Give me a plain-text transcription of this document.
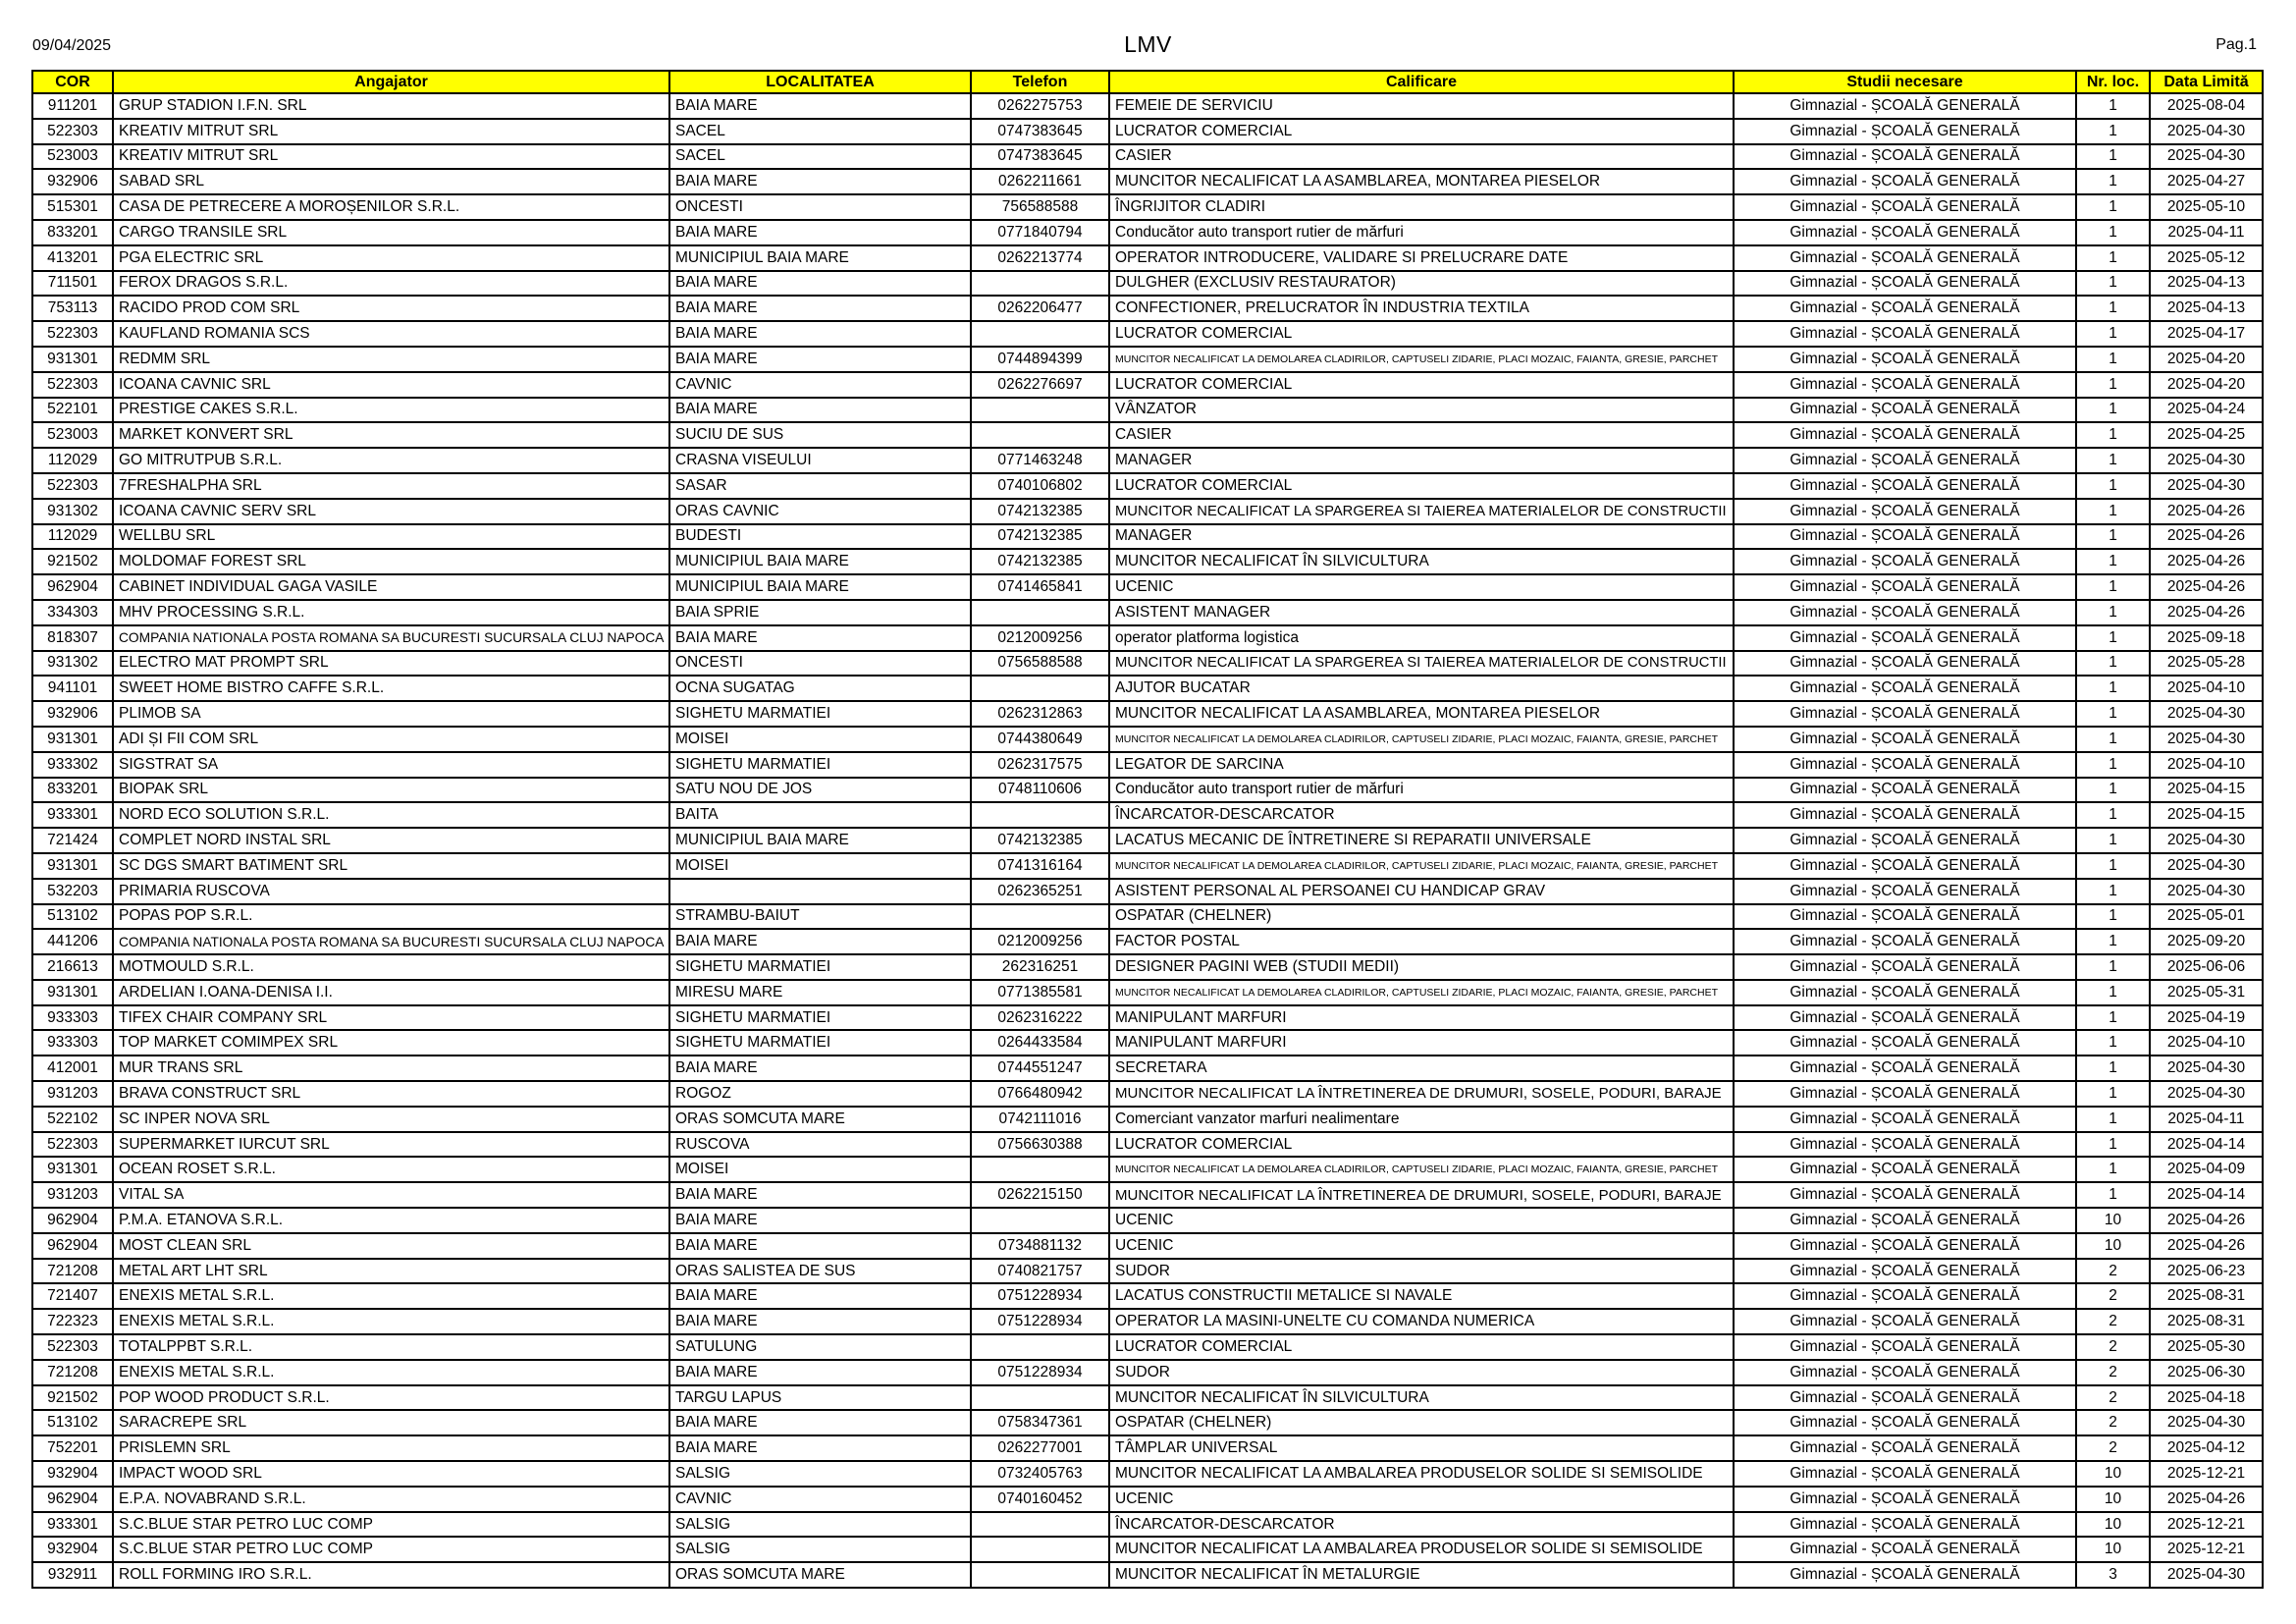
09/04/2025	LMV	Pag.1
COR	Angajator	LOCALITATEA	Telefon	Calificare	Studii necesare	Nr. loc.	Data Limită
911201	GRUP STADION I.F.N. SRL	BAIA MARE	0262275753	FEMEIE DE SERVICIU	Gimnazial - ȘCOALĂ GENERALĂ	1	2025-08-04
522303	KREATIV MITRUT SRL	SACEL	0747383645	LUCRATOR COMERCIAL	Gimnazial - ȘCOALĂ GENERALĂ	1	2025-04-30
523003	KREATIV MITRUT SRL	SACEL	0747383645	CASIER	Gimnazial - ȘCOALĂ GENERALĂ	1	2025-04-30
932906	SABAD SRL	BAIA MARE	0262211661	MUNCITOR NECALIFICAT LA ASAMBLAREA, MONTAREA PIESELOR	Gimnazial - ȘCOALĂ GENERALĂ	1	2025-04-27
515301	CASA DE PETRECERE A MOROȘENILOR S.R.L.	ONCESTI	756588588	ÎNGRIJITOR CLADIRI	Gimnazial - ȘCOALĂ GENERALĂ	1	2025-05-10
833201	CARGO TRANSILE SRL	BAIA MARE	0771840794	Conducător auto transport rutier de mărfuri	Gimnazial - ȘCOALĂ GENERALĂ	1	2025-04-11
413201	PGA ELECTRIC SRL	MUNICIPIUL BAIA MARE	0262213774	OPERATOR INTRODUCERE, VALIDARE SI PRELUCRARE DATE	Gimnazial - ȘCOALĂ GENERALĂ	1	2025-05-12
711501	FEROX DRAGOS S.R.L.	BAIA MARE		DULGHER (EXCLUSIV RESTAURATOR)	Gimnazial - ȘCOALĂ GENERALĂ	1	2025-04-13
753113	RACIDO PROD COM SRL	BAIA MARE	0262206477	CONFECTIONER, PRELUCRATOR ÎN INDUSTRIA TEXTILA	Gimnazial - ȘCOALĂ GENERALĂ	1	2025-04-13
522303	KAUFLAND ROMANIA SCS	BAIA MARE		LUCRATOR COMERCIAL	Gimnazial - ȘCOALĂ GENERALĂ	1	2025-04-17
931301	REDMM SRL	BAIA MARE	0744894399	MUNCITOR NECALIFICAT LA DEMOLAREA CLADIRILOR, CAPTUSELI ZIDARIE, PLACI MOZAIC, FAIANTA, GRESIE, PARCHET	Gimnazial - ȘCOALĂ GENERALĂ	1	2025-04-20
522303	ICOANA CAVNIC SRL	CAVNIC	0262276697	LUCRATOR COMERCIAL	Gimnazial - ȘCOALĂ GENERALĂ	1	2025-04-20
522101	PRESTIGE CAKES S.R.L.	BAIA MARE		VÂNZATOR	Gimnazial - ȘCOALĂ GENERALĂ	1	2025-04-24
523003	MARKET KONVERT SRL	SUCIU DE SUS		CASIER	Gimnazial - ȘCOALĂ GENERALĂ	1	2025-04-25
112029	GO MITRUTPUB S.R.L.	CRASNA VISEULUI	0771463248	MANAGER	Gimnazial - ȘCOALĂ GENERALĂ	1	2025-04-30
522303	7FRESHALPHA SRL	SASAR	0740106802	LUCRATOR COMERCIAL	Gimnazial - ȘCOALĂ GENERALĂ	1	2025-04-30
931302	ICOANA CAVNIC SERV SRL	ORAS CAVNIC	0742132385	MUNCITOR NECALIFICAT LA SPARGEREA SI TAIEREA MATERIALELOR DE CONSTRUCTII	Gimnazial - ȘCOALĂ GENERALĂ	1	2025-04-26
112029	WELLBU SRL	BUDESTI	0742132385	MANAGER	Gimnazial - ȘCOALĂ GENERALĂ	1	2025-04-26
921502	MOLDOMAF FOREST SRL	MUNICIPIUL BAIA MARE	0742132385	MUNCITOR NECALIFICAT ÎN SILVICULTURA	Gimnazial - ȘCOALĂ GENERALĂ	1	2025-04-26
962904	CABINET INDIVIDUAL GAGA VASILE	MUNICIPIUL BAIA MARE	0741465841	UCENIC	Gimnazial - ȘCOALĂ GENERALĂ	1	2025-04-26
334303	MHV PROCESSING S.R.L.	BAIA SPRIE		ASISTENT MANAGER	Gimnazial - ȘCOALĂ GENERALĂ	1	2025-04-26
818307	COMPANIA NATIONALA POSTA ROMANA SA BUCURESTI SUCURSALA CLUJ NAPOCA	BAIA MARE	0212009256	operator platforma logistica	Gimnazial - ȘCOALĂ GENERALĂ	1	2025-09-18
931302	ELECTRO MAT PROMPT SRL	ONCESTI	0756588588	MUNCITOR NECALIFICAT LA SPARGEREA SI TAIEREA MATERIALELOR DE CONSTRUCTII	Gimnazial - ȘCOALĂ GENERALĂ	1	2025-05-28
941101	SWEET HOME BISTRO CAFFE S.R.L.	OCNA SUGATAG		AJUTOR BUCATAR	Gimnazial - ȘCOALĂ GENERALĂ	1	2025-04-10
932906	PLIMOB SA	SIGHETU MARMATIEI	0262312863	MUNCITOR NECALIFICAT LA ASAMBLAREA, MONTAREA PIESELOR	Gimnazial - ȘCOALĂ GENERALĂ	1	2025-04-30
931301	ADI ȘI FII COM SRL	MOISEI	0744380649	MUNCITOR NECALIFICAT LA DEMOLAREA CLADIRILOR, CAPTUSELI ZIDARIE, PLACI MOZAIC, FAIANTA, GRESIE, PARCHET	Gimnazial - ȘCOALĂ GENERALĂ	1	2025-04-30
933302	SIGSTRAT SA	SIGHETU MARMATIEI	0262317575	LEGATOR DE SARCINA	Gimnazial - ȘCOALĂ GENERALĂ	1	2025-04-10
833201	BIOPAK SRL	SATU NOU DE JOS	0748110606	Conducător auto transport rutier de mărfuri	Gimnazial - ȘCOALĂ GENERALĂ	1	2025-04-15
933301	NORD ECO SOLUTION S.R.L.	BAITA		ÎNCARCATOR-DESCARCATOR	Gimnazial - ȘCOALĂ GENERALĂ	1	2025-04-15
721424	COMPLET NORD INSTAL SRL	MUNICIPIUL BAIA MARE	0742132385	LACATUS MECANIC DE ÎNTRETINERE SI REPARATII UNIVERSALE	Gimnazial - ȘCOALĂ GENERALĂ	1	2025-04-30
931301	SC DGS SMART BATIMENT SRL	MOISEI	0741316164	MUNCITOR NECALIFICAT LA DEMOLAREA CLADIRILOR, CAPTUSELI ZIDARIE, PLACI MOZAIC, FAIANTA, GRESIE, PARCHET	Gimnazial - ȘCOALĂ GENERALĂ	1	2025-04-30
532203	PRIMARIA RUSCOVA		0262365251	ASISTENT PERSONAL AL PERSOANEI CU HANDICAP GRAV	Gimnazial - ȘCOALĂ GENERALĂ	1	2025-04-30
513102	POPAS POP S.R.L.	STRAMBU-BAIUT		OSPATAR (CHELNER)	Gimnazial - ȘCOALĂ GENERALĂ	1	2025-05-01
441206	COMPANIA NATIONALA POSTA ROMANA SA BUCURESTI SUCURSALA CLUJ NAPOCA	BAIA MARE	0212009256	FACTOR POSTAL	Gimnazial - ȘCOALĂ GENERALĂ	1	2025-09-20
216613	MOTMOULD S.R.L.	SIGHETU MARMATIEI	262316251	DESIGNER PAGINI WEB (STUDII MEDII)	Gimnazial - ȘCOALĂ GENERALĂ	1	2025-06-06
931301	ARDELIAN I.OANA-DENISA I.I.	MIRESU MARE	0771385581	MUNCITOR NECALIFICAT LA DEMOLAREA CLADIRILOR, CAPTUSELI ZIDARIE, PLACI MOZAIC, FAIANTA, GRESIE, PARCHET	Gimnazial - ȘCOALĂ GENERALĂ	1	2025-05-31
933303	TIFEX CHAIR COMPANY SRL	SIGHETU MARMATIEI	0262316222	MANIPULANT MARFURI	Gimnazial - ȘCOALĂ GENERALĂ	1	2025-04-19
933303	TOP MARKET COMIMPEX SRL	SIGHETU MARMATIEI	0264433584	MANIPULANT MARFURI	Gimnazial - ȘCOALĂ GENERALĂ	1	2025-04-10
412001	MUR TRANS SRL	BAIA MARE	0744551247	SECRETARA	Gimnazial - ȘCOALĂ GENERALĂ	1	2025-04-30
931203	BRAVA CONSTRUCT SRL	ROGOZ	0766480942	MUNCITOR NECALIFICAT LA ÎNTRETINEREA DE DRUMURI, SOSELE, PODURI, BARAJE	Gimnazial - ȘCOALĂ GENERALĂ	1	2025-04-30
522102	SC INPER NOVA SRL	ORAS SOMCUTA MARE	0742111016	Comerciant vanzator marfuri nealimentare	Gimnazial - ȘCOALĂ GENERALĂ	1	2025-04-11
522303	SUPERMARKET IURCUT SRL	RUSCOVA	0756630388	LUCRATOR COMERCIAL	Gimnazial - ȘCOALĂ GENERALĂ	1	2025-04-14
931301	OCEAN ROSET S.R.L.	MOISEI		MUNCITOR NECALIFICAT LA DEMOLAREA CLADIRILOR, CAPTUSELI ZIDARIE, PLACI MOZAIC, FAIANTA, GRESIE, PARCHET	Gimnazial - ȘCOALĂ GENERALĂ	1	2025-04-09
931203	VITAL SA	BAIA MARE	0262215150	MUNCITOR NECALIFICAT LA ÎNTRETINEREA DE DRUMURI, SOSELE, PODURI, BARAJE	Gimnazial - ȘCOALĂ GENERALĂ	1	2025-04-14
962904	P.M.A. ETANOVA S.R.L.	BAIA MARE		UCENIC	Gimnazial - ȘCOALĂ GENERALĂ	10	2025-04-26
962904	MOST CLEAN SRL	BAIA MARE	0734881132	UCENIC	Gimnazial - ȘCOALĂ GENERALĂ	10	2025-04-26
721208	METAL ART LHT SRL	ORAS SALISTEA DE SUS	0740821757	SUDOR	Gimnazial - ȘCOALĂ GENERALĂ	2	2025-06-23
721407	ENEXIS METAL S.R.L.	BAIA MARE	0751228934	LACATUS CONSTRUCTII METALICE SI NAVALE	Gimnazial - ȘCOALĂ GENERALĂ	2	2025-08-31
722323	ENEXIS METAL S.R.L.	BAIA MARE	0751228934	OPERATOR LA MASINI-UNELTE CU COMANDA NUMERICA	Gimnazial - ȘCOALĂ GENERALĂ	2	2025-08-31
522303	TOTALPPBT S.R.L.	SATULUNG		LUCRATOR COMERCIAL	Gimnazial - ȘCOALĂ GENERALĂ	2	2025-05-30
721208	ENEXIS METAL S.R.L.	BAIA MARE	0751228934	SUDOR	Gimnazial - ȘCOALĂ GENERALĂ	2	2025-06-30
921502	POP WOOD PRODUCT S.R.L.	TARGU LAPUS		MUNCITOR NECALIFICAT ÎN SILVICULTURA	Gimnazial - ȘCOALĂ GENERALĂ	2	2025-04-18
513102	SARACREPE SRL	BAIA MARE	0758347361	OSPATAR (CHELNER)	Gimnazial - ȘCOALĂ GENERALĂ	2	2025-04-30
752201	PRISLEMN SRL	BAIA MARE	0262277001	TÂMPLAR UNIVERSAL	Gimnazial - ȘCOALĂ GENERALĂ	2	2025-04-12
932904	IMPACT WOOD SRL	SALSIG	0732405763	MUNCITOR NECALIFICAT LA AMBALAREA PRODUSELOR SOLIDE SI SEMISOLIDE	Gimnazial - ȘCOALĂ GENERALĂ	10	2025-12-21
962904	E.P.A. NOVABRAND S.R.L.	CAVNIC	0740160452	UCENIC	Gimnazial - ȘCOALĂ GENERALĂ	10	2025-04-26
933301	S.C.BLUE STAR PETRO LUC COMP	SALSIG		ÎNCARCATOR-DESCARCATOR	Gimnazial - ȘCOALĂ GENERALĂ	10	2025-12-21
932904	S.C.BLUE STAR PETRO LUC COMP	SALSIG		MUNCITOR NECALIFICAT LA AMBALAREA PRODUSELOR SOLIDE SI SEMISOLIDE	Gimnazial - ȘCOALĂ GENERALĂ	10	2025-12-21
932911	ROLL FORMING IRO S.R.L.	ORAS SOMCUTA MARE		MUNCITOR NECALIFICAT ÎN METALURGIE	Gimnazial - ȘCOALĂ GENERALĂ	3	2025-04-30
